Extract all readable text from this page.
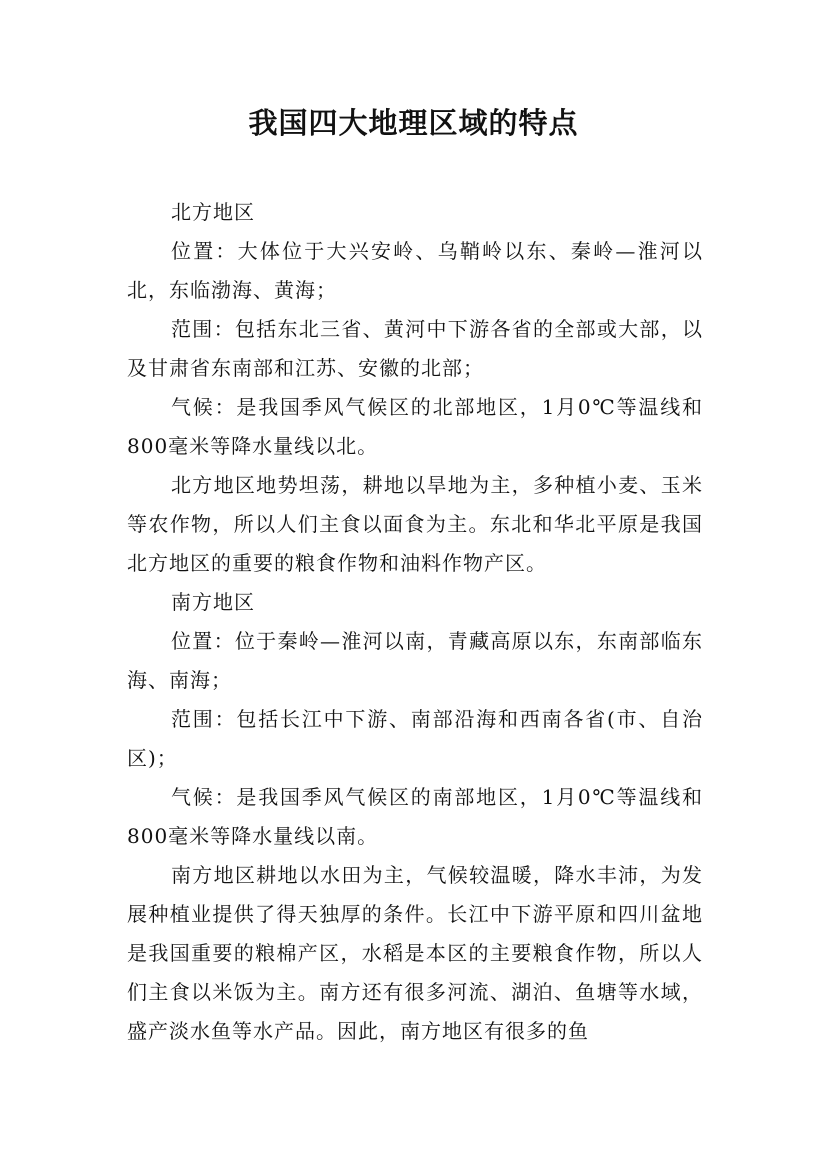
我国四大地理区域的特点

北方地区

位置：大体位于大兴安岭、乌鞘岭以东、秦岭—淮河以北，东临渤海、黄海；

范围：包括东北三省、黄河中下游各省的全部或大部，以及甘肃省东南部和江苏、安徽的北部；

气候：是我国季风气候区的北部地区，1月0℃等温线和800毫米等降水量线以北。

北方地区地势坦荡，耕地以旱地为主，多种植小麦、玉米等农作物，所以人们主食以面食为主。东北和华北平原是我国北方地区的重要的粮食作物和油料作物产区。

南方地区

位置：位于秦岭—淮河以南，青藏高原以东，东南部临东海、南海；

范围：包括长江中下游、南部沿海和西南各省(市、自治区)；

气候：是我国季风气候区的南部地区，1月0℃等温线和800毫米等降水量线以南。

南方地区耕地以水田为主，气候较温暖，降水丰沛，为发展种植业提供了得天独厚的条件。长江中下游平原和四川盆地是我国重要的粮棉产区，水稻是本区的主要粮食作物，所以人们主食以米饭为主。南方还有很多河流、湖泊、鱼塘等水域，盛产淡水鱼等水产品。因此，南方地区有很多的鱼
